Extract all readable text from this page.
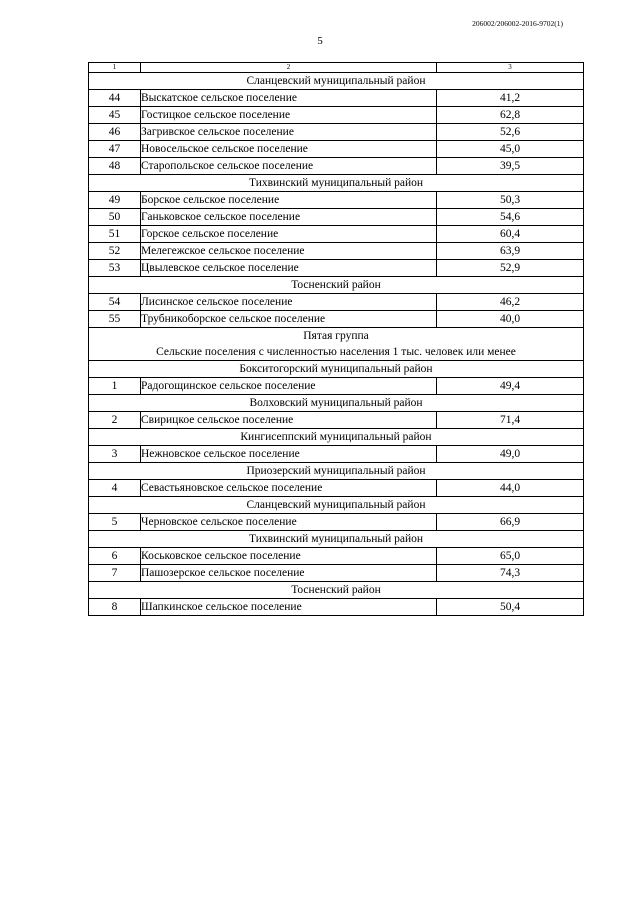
206002/206002-2016-9702(1)
5
1	2	3
Сланцевский муниципальный район		
44	Выскатское сельское поселение	41,2
45	Гостицкое сельское поселение	62,8
46	Загривское сельское поселение	52,6
47	Новосельское сельское поселение	45,0
48	Старопольское сельское поселение	39,5
Тихвинский муниципальный район		
49	Борское сельское поселение	50,3
50	Ганьковское сельское поселение	54,6
51	Горское сельское поселение	60,4
52	Мелегежское сельское поселение	63,9
53	Цвылевское сельское поселение	52,9
Тосненский район		
54	Лисинское сельское поселение	46,2
55	Трубникоборское сельское поселение	40,0

Пятая группа
Сельские поселения с численностью населения 1 тыс. человек или менее		

Бокситогорский муниципальный район		
1	Радогощинское сельское поселение	49,4
Волховский муниципальный район		
2	Свирицкое сельское поселение	71,4
Кингисеппский муниципальный район		
3	Нежновское сельское поселение	49,0
Приозерский муниципальный район		
4	Севастьяновское сельское поселение	44,0
Сланцевский муниципальный район		
5	Черновское сельское поселение	66,9
Тихвинский муниципальный район		
6	Коськовское сельское поселение	65,0
7	Пашозерское сельское поселение	74,3
Тосненский район		
8	Шапкинское сельское поселение	50,4
